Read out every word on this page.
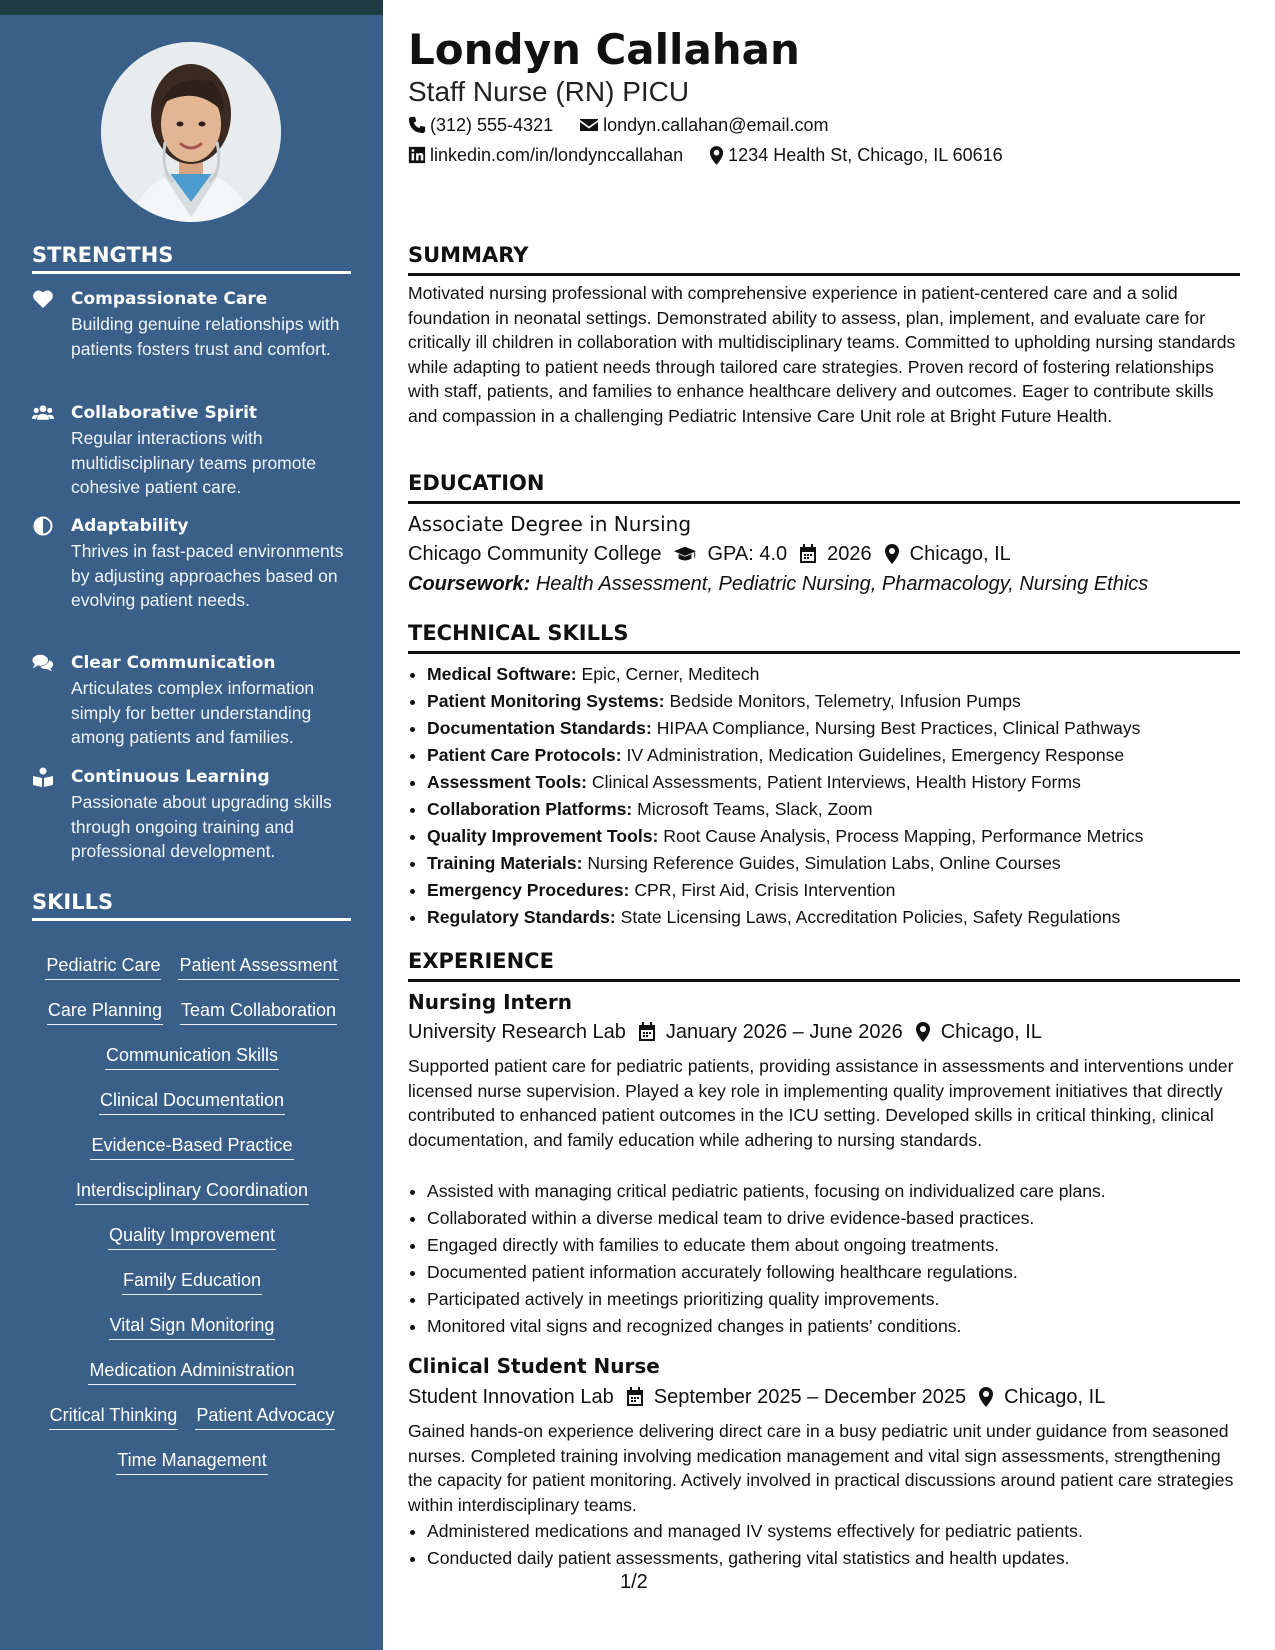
STRENGTHS
Compassionate Care
Building genuine relationships with patients fosters trust and comfort.
Collaborative Spirit
Regular interactions with multidisciplinary teams promote cohesive patient care.
Adaptability
Thrives in fast-paced environments by adjusting approaches based on evolving patient needs.
Clear Communication
Articulates complex information simply for better understanding among patients and families.
Continuous Learning
Passionate about upgrading skills through ongoing training and professional development.
SKILLS
Pediatric Care Patient Assessment
Care Planning Team Collaboration
Communication Skills
Clinical Documentation
Evidence-Based Practice
Interdisciplinary Coordination
Quality Improvement
Family Education
Vital Sign Monitoring
Medication Administration
Critical Thinking Patient Advocacy
Time Management
Londyn Callahan
Staff Nurse (RN) PICU
(312) 555-4321	londyn.callahan@email.com
linkedin.com/in/londynccallahan	1234 Health St, Chicago, IL 60616
SUMMARY
Motivated nursing professional with comprehensive experience in patient-centered care and a solid foundation in neonatal settings. Demonstrated ability to assess, plan, implement, and evaluate care for critically ill children in collaboration with multidisciplinary teams. Committed to upholding nursing standards while adapting to patient needs through tailored care strategies. Proven record of fostering relationships with staff, patients, and families to enhance healthcare delivery and outcomes. Eager to contribute skills and compassion in a challenging Pediatric Intensive Care Unit role at Bright Future Health.
EDUCATION
Associate Degree in Nursing
Chicago Community College GPA: 4.0 2026 Chicago, IL
Coursework: Health Assessment, Pediatric Nursing, Pharmacology, Nursing Ethics
TECHNICAL SKILLS
• Medical Software: Epic, Cerner, Meditech
• Patient Monitoring Systems: Bedside Monitors, Telemetry, Infusion Pumps
• Documentation Standards: HIPAA Compliance, Nursing Best Practices, Clinical Pathways
• Patient Care Protocols: IV Administration, Medication Guidelines, Emergency Response
• Assessment Tools: Clinical Assessments, Patient Interviews, Health History Forms
• Collaboration Platforms: Microsoft Teams, Slack, Zoom
• Quality Improvement Tools: Root Cause Analysis, Process Mapping, Performance Metrics
• Training Materials: Nursing Reference Guides, Simulation Labs, Online Courses
• Emergency Procedures: CPR, First Aid, Crisis Intervention
• Regulatory Standards: State Licensing Laws, Accreditation Policies, Safety Regulations
EXPERIENCE
Nursing Intern
University Research Lab January 2026 – June 2026 Chicago, IL
Supported patient care for pediatric patients, providing assistance in assessments and interventions under licensed nurse supervision. Played a key role in implementing quality improvement initiatives that directly contributed to enhanced patient outcomes in the ICU setting. Developed skills in critical thinking, clinical documentation, and family education while adhering to nursing standards.
• Assisted with managing critical pediatric patients, focusing on individualized care plans.
• Collaborated within a diverse medical team to drive evidence-based practices.
• Engaged directly with families to educate them about ongoing treatments.
• Documented patient information accurately following healthcare regulations.
• Participated actively in meetings prioritizing quality improvements.
• Monitored vital signs and recognized changes in patients' conditions.
Clinical Student Nurse
Student Innovation Lab September 2025 – December 2025 Chicago, IL
Gained hands-on experience delivering direct care in a busy pediatric unit under guidance from seasoned nurses. Completed training involving medication management and vital sign assessments, strengthening the capacity for patient monitoring. Actively involved in practical discussions around patient care strategies within interdisciplinary teams.
• Administered medications and managed IV systems effectively for pediatric patients.
• Conducted daily patient assessments, gathering vital statistics and health updates.
1/2
